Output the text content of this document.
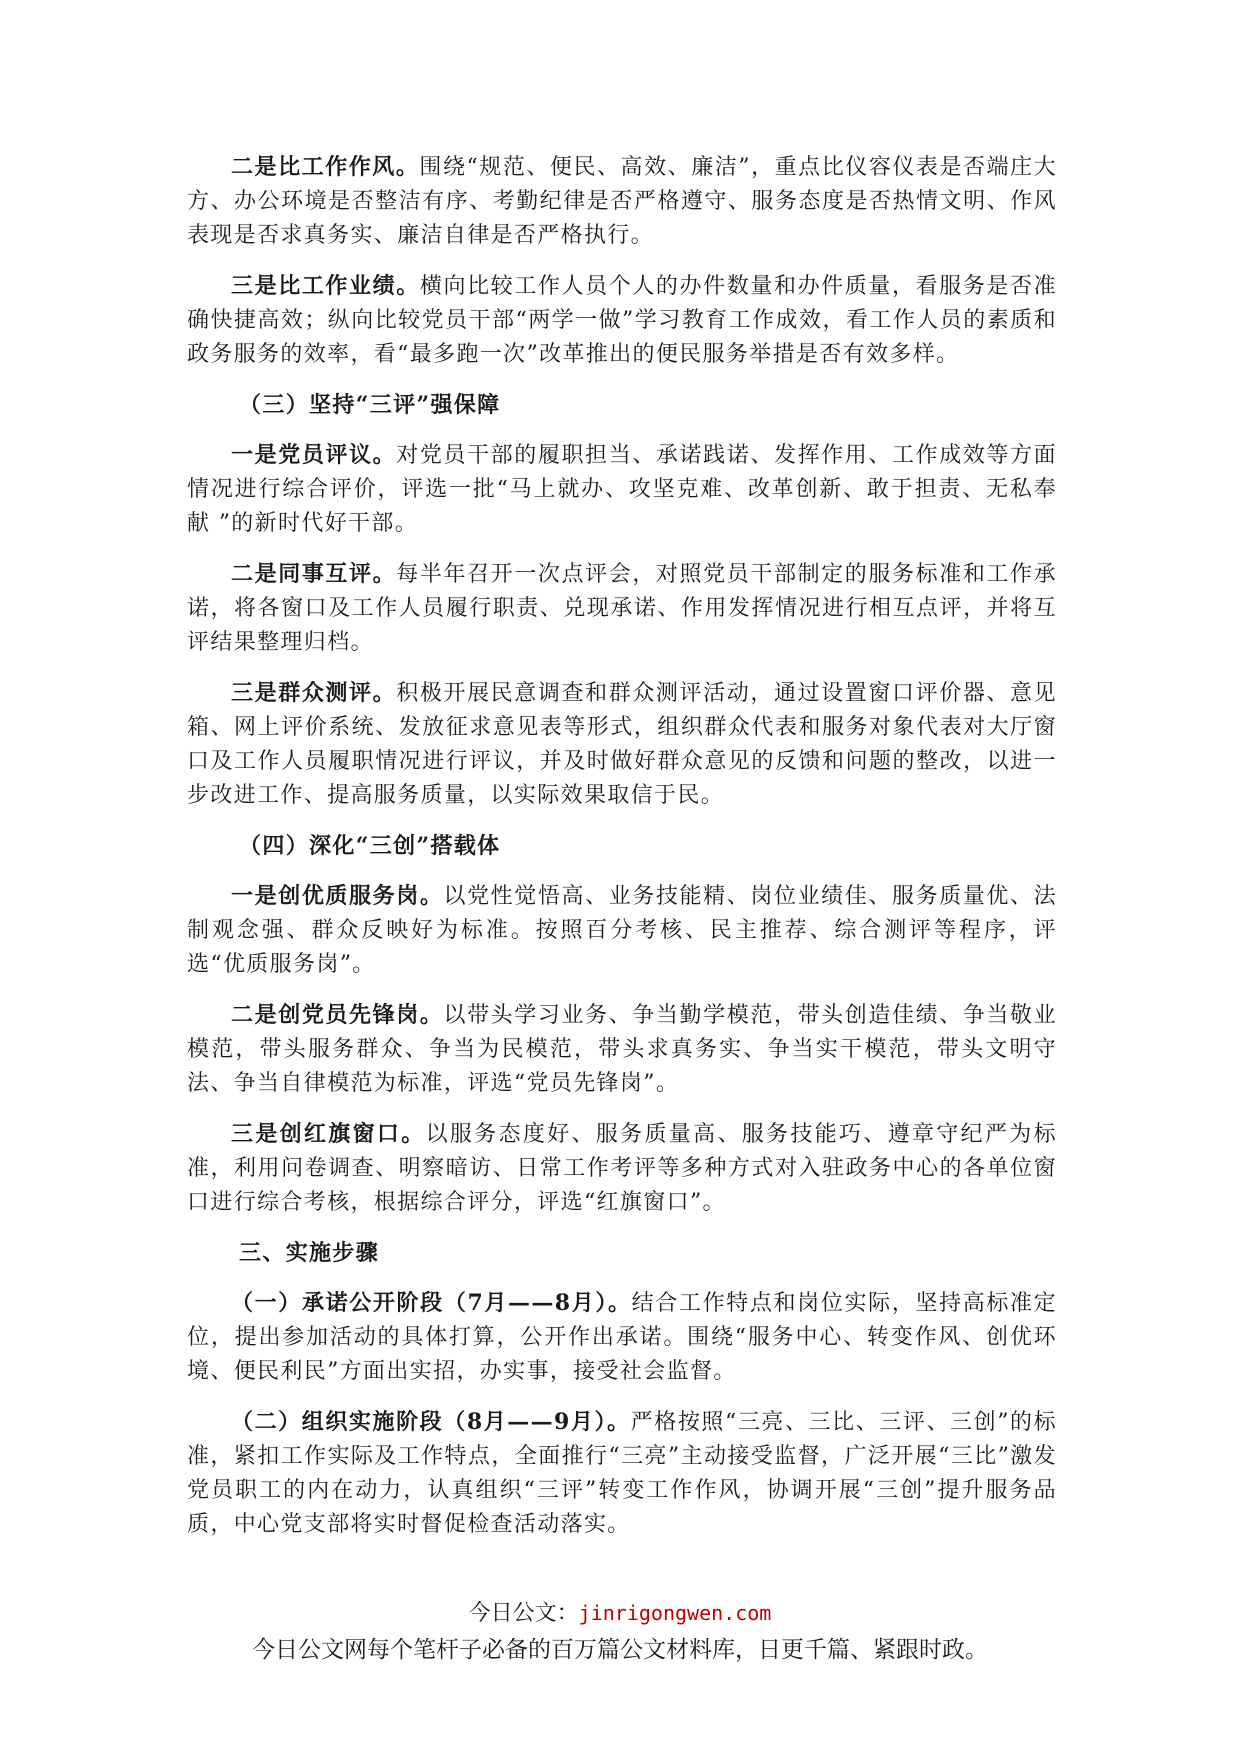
二是比工作作风。围绕“规范、便民、高效、廉洁”，重点比仪容仪表是否端庄大方、办公环境是否整洁有序、考勤纪律是否严格遵守、服务态度是否热情文明、作风表现是否求真务实、廉洁自律是否严格执行。

三是比工作业绩。横向比较工作人员个人的办件数量和办件质量，看服务是否准确快捷高效；纵向比较党员干部“两学一做”学习教育工作成效，看工作人员的素质和政务服务的效率，看“最多跑一次”改革推出的便民服务举措是否有效多样。

（三）坚持“三评”强保障

一是党员评议。对党员干部的履职担当、承诺践诺、发挥作用、工作成效等方面情况进行综合评价，评选一批“马上就办、攻坚克难、改革创新、敢于担责、无私奉献 ”的新时代好干部。

二是同事互评。每半年召开一次点评会，对照党员干部制定的服务标准和工作承诺，将各窗口及工作人员履行职责、兑现承诺、作用发挥情况进行相互点评，并将互评结果整理归档。

三是群众测评。积极开展民意调查和群众测评活动，通过设置窗口评价器、意见箱、网上评价系统、发放征求意见表等形式，组织群众代表和服务对象代表对大厅窗口及工作人员履职情况进行评议，并及时做好群众意见的反馈和问题的整改，以进一步改进工作、提高服务质量，以实际效果取信于民。

（四）深化“三创”搭载体

一是创优质服务岗。以党性觉悟高、业务技能精、岗位业绩佳、服务质量优、法制观念强、群众反映好为标准。按照百分考核、民主推荐、综合测评等程序，评选“优质服务岗”。

二是创党员先锋岗。以带头学习业务、争当勤学模范，带头创造佳绩、争当敬业模范，带头服务群众、争当为民模范，带头求真务实、争当实干模范，带头文明守法、争当自律模范为标准，评选“党员先锋岗”。

三是创红旗窗口。以服务态度好、服务质量高、服务技能巧、遵章守纪严为标准，利用问卷调查、明察暗访、日常工作考评等多种方式对入驻政务中心的各单位窗口进行综合考核，根据综合评分，评选“红旗窗口”。

三、实施步骤

（一）承诺公开阶段（7月——8月）。结合工作特点和岗位实际，坚持高标准定位，提出参加活动的具体打算，公开作出承诺。围绕“服务中心、转变作风、创优环境、便民利民”方面出实招，办实事，接受社会监督。

（二）组织实施阶段（8月——9月）。严格按照“三亮、三比、三评、三创”的标准，紧扣工作实际及工作特点，全面推行“三亮”主动接受监督，广泛开展“三比”激发党员职工的内在动力，认真组织“三评”转变工作作风，协调开展“三创”提升服务品质，中心党支部将实时督促检查活动落实。

今日公文：jinrigongwen.com
今日公文网每个笔杆子必备的百万篇公文材料库，日更千篇、紧跟时政。
